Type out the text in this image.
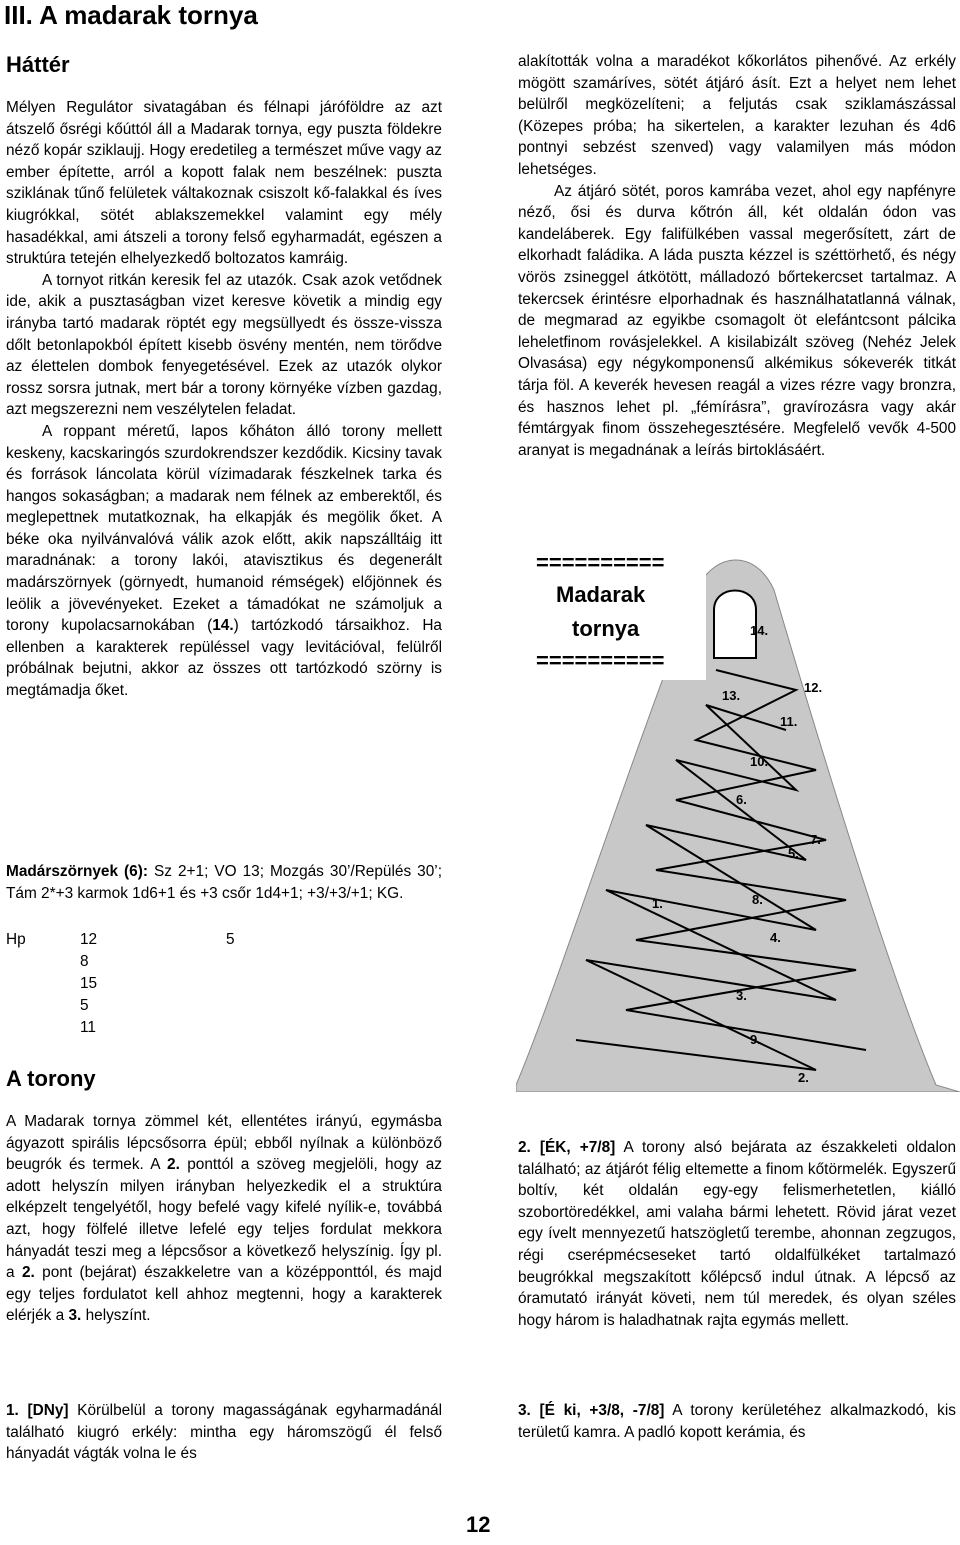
III. A madarak tornya
Háttér

Mélyen Regulátor sivatagában és félnapi járóföldre az azt átszelő ősrégi kőúttól áll a Madarak tornya, egy puszta földekre néző kopár sziklaujj. Hogy eredetileg a természet műve vagy az ember építette, arról a kopott falak nem beszélnek: puszta sziklának tűnő felületek váltakoznak csiszolt kő-falakkal és íves kiugrókkal, sötét ablakszemekkel valamint egy mély hasadékkal, ami átszeli a torony felső egyharmadát, egészen a struktúra tetején elhelyezkedő boltozatos kamráig.

A tornyot ritkán keresik fel az utazók. Csak azok vetődnek ide, akik a pusztaságban vizet keresve követik a mindig egy irányba tartó madarak röptét egy megsüllyedt és össze-vissza dőlt betonlapokból épített kisebb ösvény mentén, nem törődve az élettelen dombok fenyegetésével. Ezek az utazók olykor rossz sorsra jutnak, mert bár a torony környéke vízben gazdag, azt megszerezni nem veszélytelen feladat.

A roppant méretű, lapos kőháton álló torony mellett keskeny, kacskaringós szurdokrendszer kezdődik. Kicsiny tavak és források láncolata körül vízimadarak fészkelnek tarka és hangos sokaságban; a madarak nem félnek az emberektől, és meglepettnek mutatkoznak, ha elkapják és megölik őket. A béke oka nyilvánvalóvá válik azok előtt, akik napszálltáig itt maradnának: a torony lakói, atavisztikus és degenerált madárszörnyek (görnyedt, humanoid rémségek) előjönnek és leölik a jövevényeket. Ezeket a támadókat ne számoljuk a torony kupolacsarnokában (14.) tartózkodó társaikhoz. Ha ellenben a karakterek repüléssel vagy levitációval, felülről próbálnak bejutni, akkor az összes ott tartózkodó szörny is megtámadja őket.

Madárszörnyek (6): Sz 2+1; VO 13; Mozgás 30’/Repülés 30’; Tám 2*+3 karmok 1d6+1 és +3 csőr 1d4+1; +3/+3/+1; KG.

Hp	12	5
8
15
5
11
A torony

A Madarak tornya zömmel két, ellentétes irányú, egymásba ágyazott spirális lépcsősorra épül; ebből nyílnak a különböző beugrók és termek. A 2. ponttól a szöveg megjelöli, hogy az adott helyszín milyen irányban helyezkedik el a struktúra elképzelt tengelyétől, hogy befelé vagy kifelé nyílik-e, továbbá azt, hogy fölfelé illetve lefelé egy teljes fordulat mekkora hányadát teszi meg a lépcsősor a következő helyszínig. Így pl. a 2. pont (bejárat) északkeletre van a középponttól, és majd egy teljes fordulatot kell ahhoz megtenni, hogy a karakterek elérjék a 3. helyszínt.

1. [DNy] Körülbelül a torony magasságának egyharmadánál található kiugró erkély: mintha egy háromszögű él felső hányadát vágták volna le és

alakították volna a maradékot kőkorlátos pihenővé. Az erkély mögött szamáríves, sötét átjáró ásít. Ezt a helyet nem lehet belülről megközelíteni; a feljutás csak sziklamászással (Közepes próba; ha sikertelen, a karakter lezuhan és 4d6 pontnyi sebzést szenved) vagy valamilyen más módon lehetséges.

Az átjáró sötét, poros kamrába vezet, ahol egy napfényre néző, ősi és durva kőtrón áll, két oldalán ódon vas kandeláberek. Egy falifülkében vassal megerősített, zárt de elkorhadt faládika. A láda puszta kézzel is széttörhető, és négy vörös zsineggel átkötött, málladozó bőrtekercset tartalmaz. A tekercsek érintésre elporhadnak és használhatatlanná válnak, de megmarad az egyikbe csomagolt öt elefántcsont pálcika leheletfinom rovásjelekkel. A kisilabizált szöveg (Nehéz Jelek Olvasása) egy négykomponensű alkémikus sókeverék titkát tárja föl. A keverék hevesen reagál a vizes rézre vagy bronzra, és hasznos lehet pl. „fémírásra”, gravírozásra vagy akár fémtárgyak finom összehegesztésére. Megfelelő vevők 4-500 aranyat is megadnának a leírás birtoklásáért.

==========
Madarak
tornya
==========
14.
13.
12.
11.
10.
6.
7.
5.
1.	8.
4.
3.
9.
2.

2. [ÉK, +7/8] A torony alsó bejárata az északkeleti oldalon található; az átjárót félig eltemette a finom kőtörmelék. Egyszerű boltív, két oldalán egy-egy felismerhetetlen, kiálló szobortöredékkel, ami valaha bármi lehetett. Rövid járat vezet egy ívelt mennyezetű hatszögletű terembe, ahonnan zegzugos, régi cserépmécseseket tartó oldalfülkéket tartalmazó beugrókkal megszakított kőlépcső indul útnak. A lépcső az óramutató irányát követi, nem túl meredek, és olyan széles hogy három is haladhatnak rajta egymás mellett.

3. [É ki, +3/8, -7/8] A torony kerületéhez alkalmazkodó, kis területű kamra. A padló kopott kerámia, és

12
